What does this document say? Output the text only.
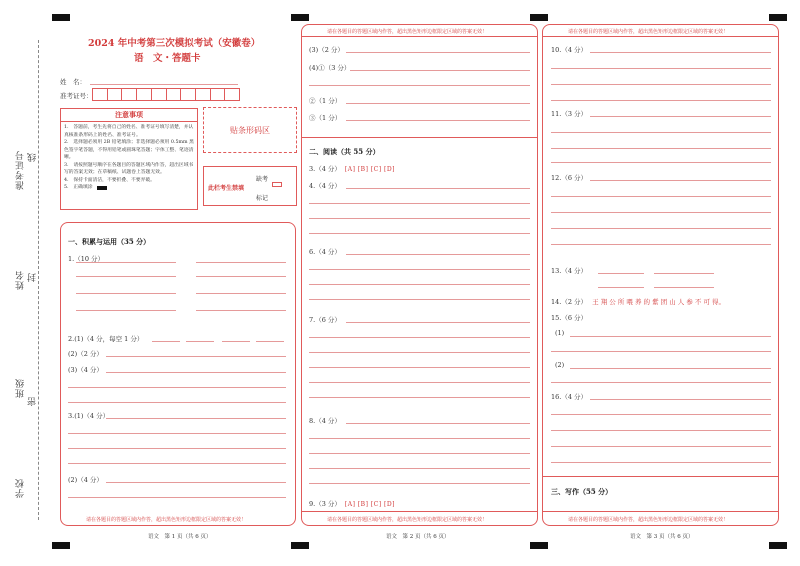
准考证号 线
姓名 封
班级
密
学校
2024 年中考第三次模拟考试（安徽卷）
语　文・答题卡
姓　名：
准考证号：
注意事项
1.　答题前，考生先将自己的姓名、准考证号填写清楚，并认真核准条形码上的姓名、准考证号。
2.　选择题必须用 2B 铅笔填涂；非选择题必须用 0.5mm 黑色签字笔答题，不得用铅笔或圆珠笔答题；字体工整、笔迹清晰。
3.　请按照题号顺序在各题目的答题区域内作答，超出区域书写的答案无效；在草稿纸、试题卷上答题无效。
4.　保持卡面清洁，不要折叠、不要弄破。
5.　正确填涂
贴条形码区
此栏考生禁填
缺考
标记
一、积累与运用（35 分）
1.（10 分）
2.(1)（4 分，每空 1 分）
(2)（2 分）
(3)（4 分）
3.(1)（4 分）
(2)（4 分）
请在各题目的答题区域内作答，超出黑色矩形边框限定区域的答案无效！
语文　第 1 页（共 6 页）
请在各题目的答题区域内作答，超出黑色矩形边框限定区域的答案无效！
(3)（2 分）
(4)①（3 分）
②（1 分）
③（1 分）
二、阅读（共 55 分）
3.（4 分） [A] [B] [C] [D]
4.（4 分）
6.（4 分）
7.（6 分）
8.（4 分）
9.（3 分） [A] [B] [C] [D]
请在各题目的答题区域内作答，超出黑色矩形边框限定区域的答案无效！
语文　第 2 页（共 6 页）
请在各题目的答题区域内作答，超出黑色矩形边框限定区域的答案无效！
10.（4 分）
11.（3 分）
12.（6 分）
13.（4 分）
14.（2 分） 王 翔 公 所 喂 养 的 紫 团 山 人 参 不 可 得。
15.（6 分）
(1)
(2)
16.（4 分）
三、写作（55 分）
请在各题目的答题区域内作答，超出黑色矩形边框限定区域的答案无效！
语文　第 3 页（共 6 页）
